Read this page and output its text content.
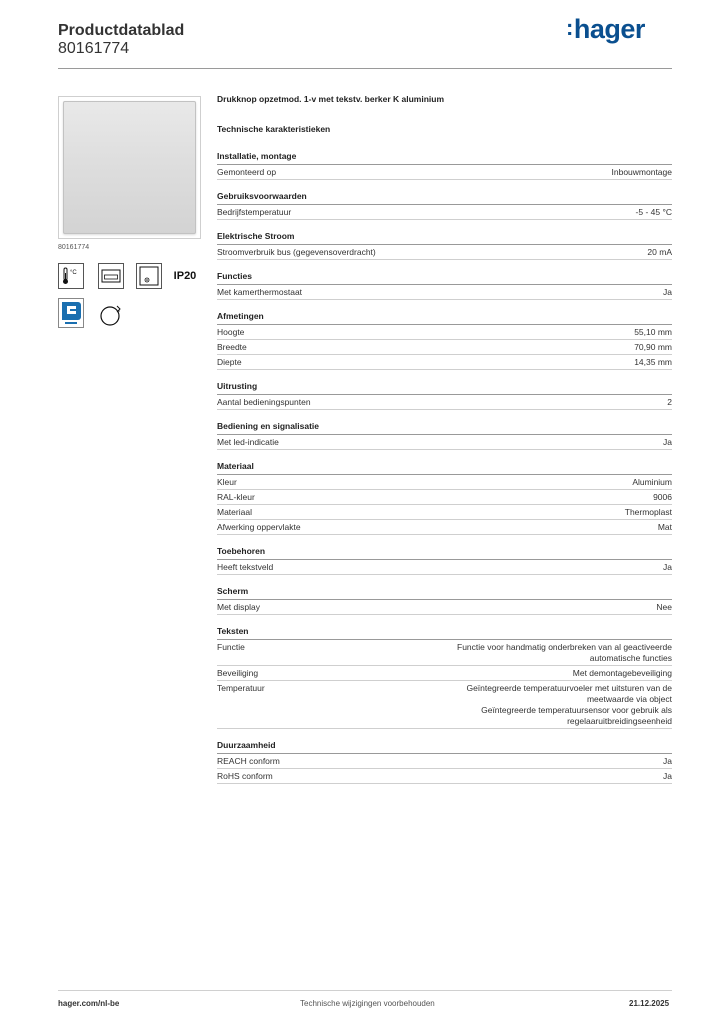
Productdatablad
80161774
:hager
80161774
°C	IP20
°
Drukknop opzetmod. 1-v met tekstv. berker K aluminium
Technische karakteristieken
Installatie, montage
Gemonteerd op	Inbouwmontage
Gebruiksvoorwaarden
Bedrijfstemperatuur	-5 - 45 °C
Elektrische Stroom
Stroomverbruik bus (gegevensoverdracht)	20 mA
Functies
Met kamerthermostaat	Ja
Afmetingen
Hoogte	55,10 mm
Breedte	70,90 mm
Diepte	14,35 mm
Uitrusting
Aantal bedieningspunten	2
Bediening en signalisatie
Met led-indicatie	Ja
Materiaal
Kleur	Aluminium
RAL-kleur	9006
Materiaal	Thermoplast
Afwerking oppervlakte	Mat
Toebehoren
Heeft tekstveld	Ja
Scherm
Met display	Nee
Teksten
Functie	Functie voor handmatig onderbreken van al geactiveerde automatische functies
Beveiliging	Met demontagebeveiliging
Temperatuur	Geïntegreerde temperatuurvoeler met uitsturen van de meetwaarde via object
Geïntegreerde temperatuursensor voor gebruik als regelaaruitbreidingseenheid
Duurzaamheid
REACH conform	Ja
RoHS conform	Ja
hager.com/nl-be	Technische wijzigingen voorbehouden	21.12.2025
